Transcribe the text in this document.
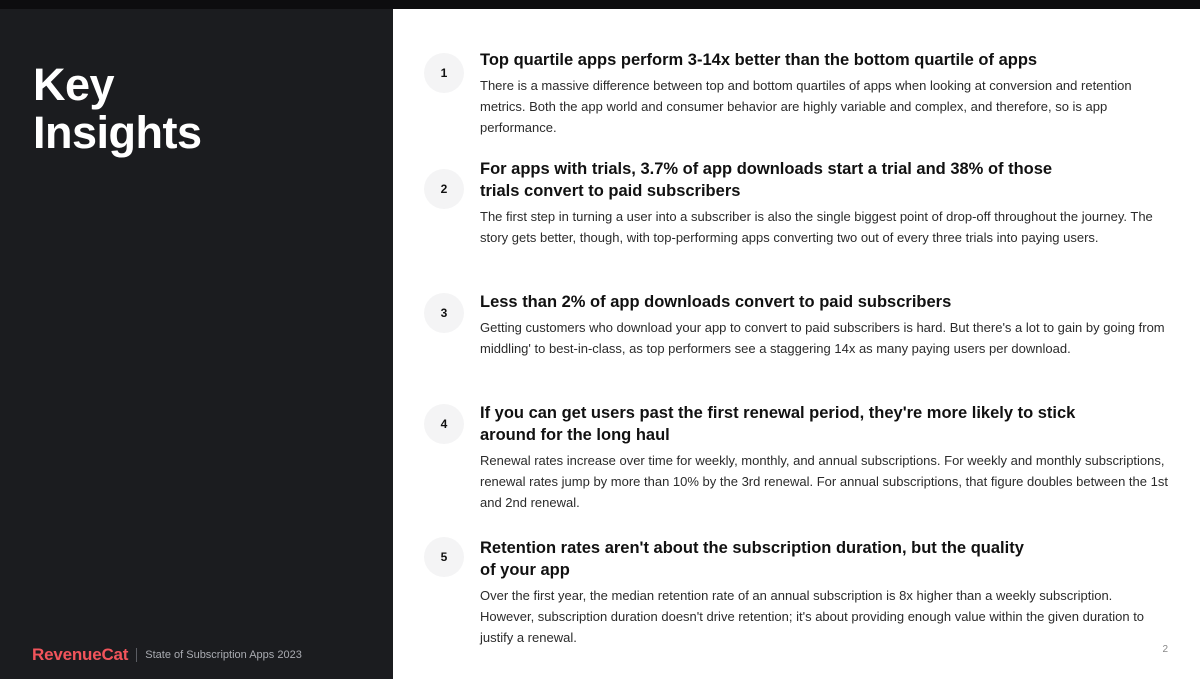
Key
Insights
RevenueCat State of Subscription Apps 2023
1
Top quartile apps perform 3-14x better than the bottom quartile of apps

There is a massive difference between top and bottom quartiles of apps when looking at conversion and retention metrics. Both the app world and consumer behavior are highly variable and complex, and therefore, so is app performance.

2
For apps with trials, 3.7% of app downloads start a trial and 38% of those trials convert to paid subscribers

The first step in turning a user into a subscriber is also the single biggest point of drop-off throughout the journey. The story gets better, though, with top-performing apps converting two out of every three trials into paying users.

3
Less than 2% of app downloads convert to paid subscribers

Getting customers who download your app to convert to paid subscribers is hard. But there's a lot to gain by going from middling' to best-in-class, as top performers see a staggering 14x as many paying users per download.

4
If you can get users past the first renewal period, they're more likely to stick around for the long haul

Renewal rates increase over time for weekly, monthly, and annual subscriptions. For weekly and monthly subscriptions, renewal rates jump by more than 10% by the 3rd renewal. For annual subscriptions, that figure doubles between the 1st and 2nd renewal.

5	Retention rates aren't about the subscription duration, but the quality of your app

Over the first year, the median retention rate of an annual subscription is 8x higher than a weekly subscription. However, subscription duration doesn't drive retention; it's about providing enough value within the given duration to justify a renewal.

2
